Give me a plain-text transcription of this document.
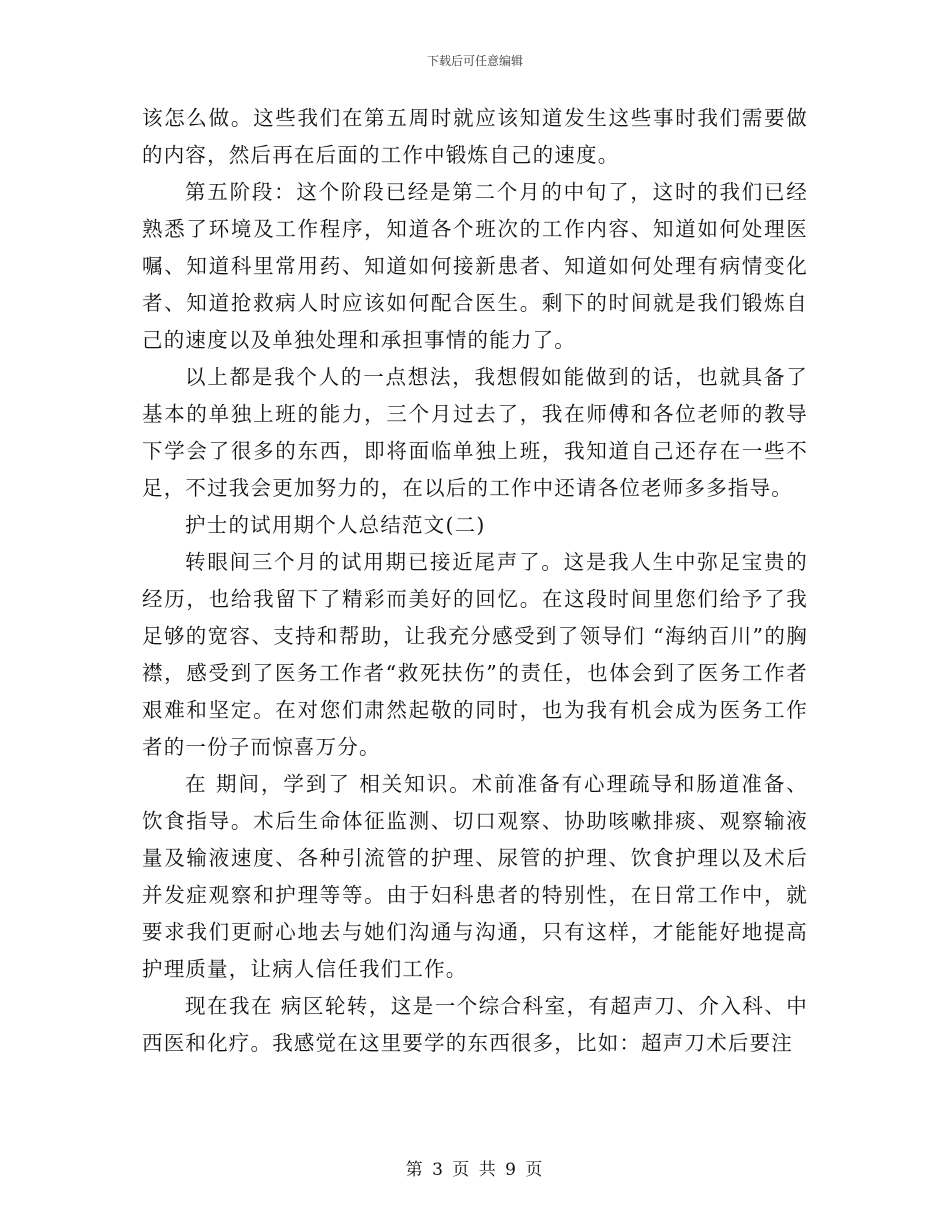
下载后可任意编辑

该怎么做。这些我们在第五周时就应该知道发生这些事时我们需要做的内容，然后再在后面的工作中锻炼自己的速度。

第五阶段：这个阶段已经是第二个月的中旬了，这时的我们已经熟悉了环境及工作程序，知道各个班次的工作内容、知道如何处理医嘱、知道科里常用药、知道如何接新患者、知道如何处理有病情变化者、知道抢救病人时应该如何配合医生。剩下的时间就是我们锻炼自己的速度以及单独处理和承担事情的能力了。

以上都是我个人的一点想法，我想假如能做到的话，也就具备了基本的单独上班的能力，三个月过去了，我在师傅和各位老师的教导下学会了很多的东西，即将面临单独上班，我知道自己还存在一些不足，不过我会更加努力的，在以后的工作中还请各位老师多多指导。

护士的试用期个人总结范文(二)

转眼间三个月的试用期已接近尾声了。这是我人生中弥足宝贵的经历，也给我留下了精彩而美好的回忆。在这段时间里您们给予了我足够的宽容、支持和帮助，让我充分感受到了领导们 “海纳百川”的胸襟，感受到了医务工作者“救死扶伤”的责任，也体会到了医务工作者艰难和坚定。在对您们肃然起敬的同时，也为我有机会成为医务工作者的一份子而惊喜万分。

在 期间，学到了 相关知识。术前准备有心理疏导和肠道准备、饮食指导。术后生命体征监测、切口观察、协助咳嗽排痰、观察输液量及输液速度、各种引流管的护理、尿管的护理、饮食护理以及术后并发症观察和护理等等。由于妇科患者的特别性，在日常工作中，就要求我们更耐心地去与她们沟通与沟通，只有这样，才能能好地提高护理质量，让病人信任我们工作。

现在我在 病区轮转，这是一个综合科室，有超声刀、介入科、中西医和化疗。我感觉在这里要学的东西很多，比如：超声刀术后要注

第 3 页 共 9 页
